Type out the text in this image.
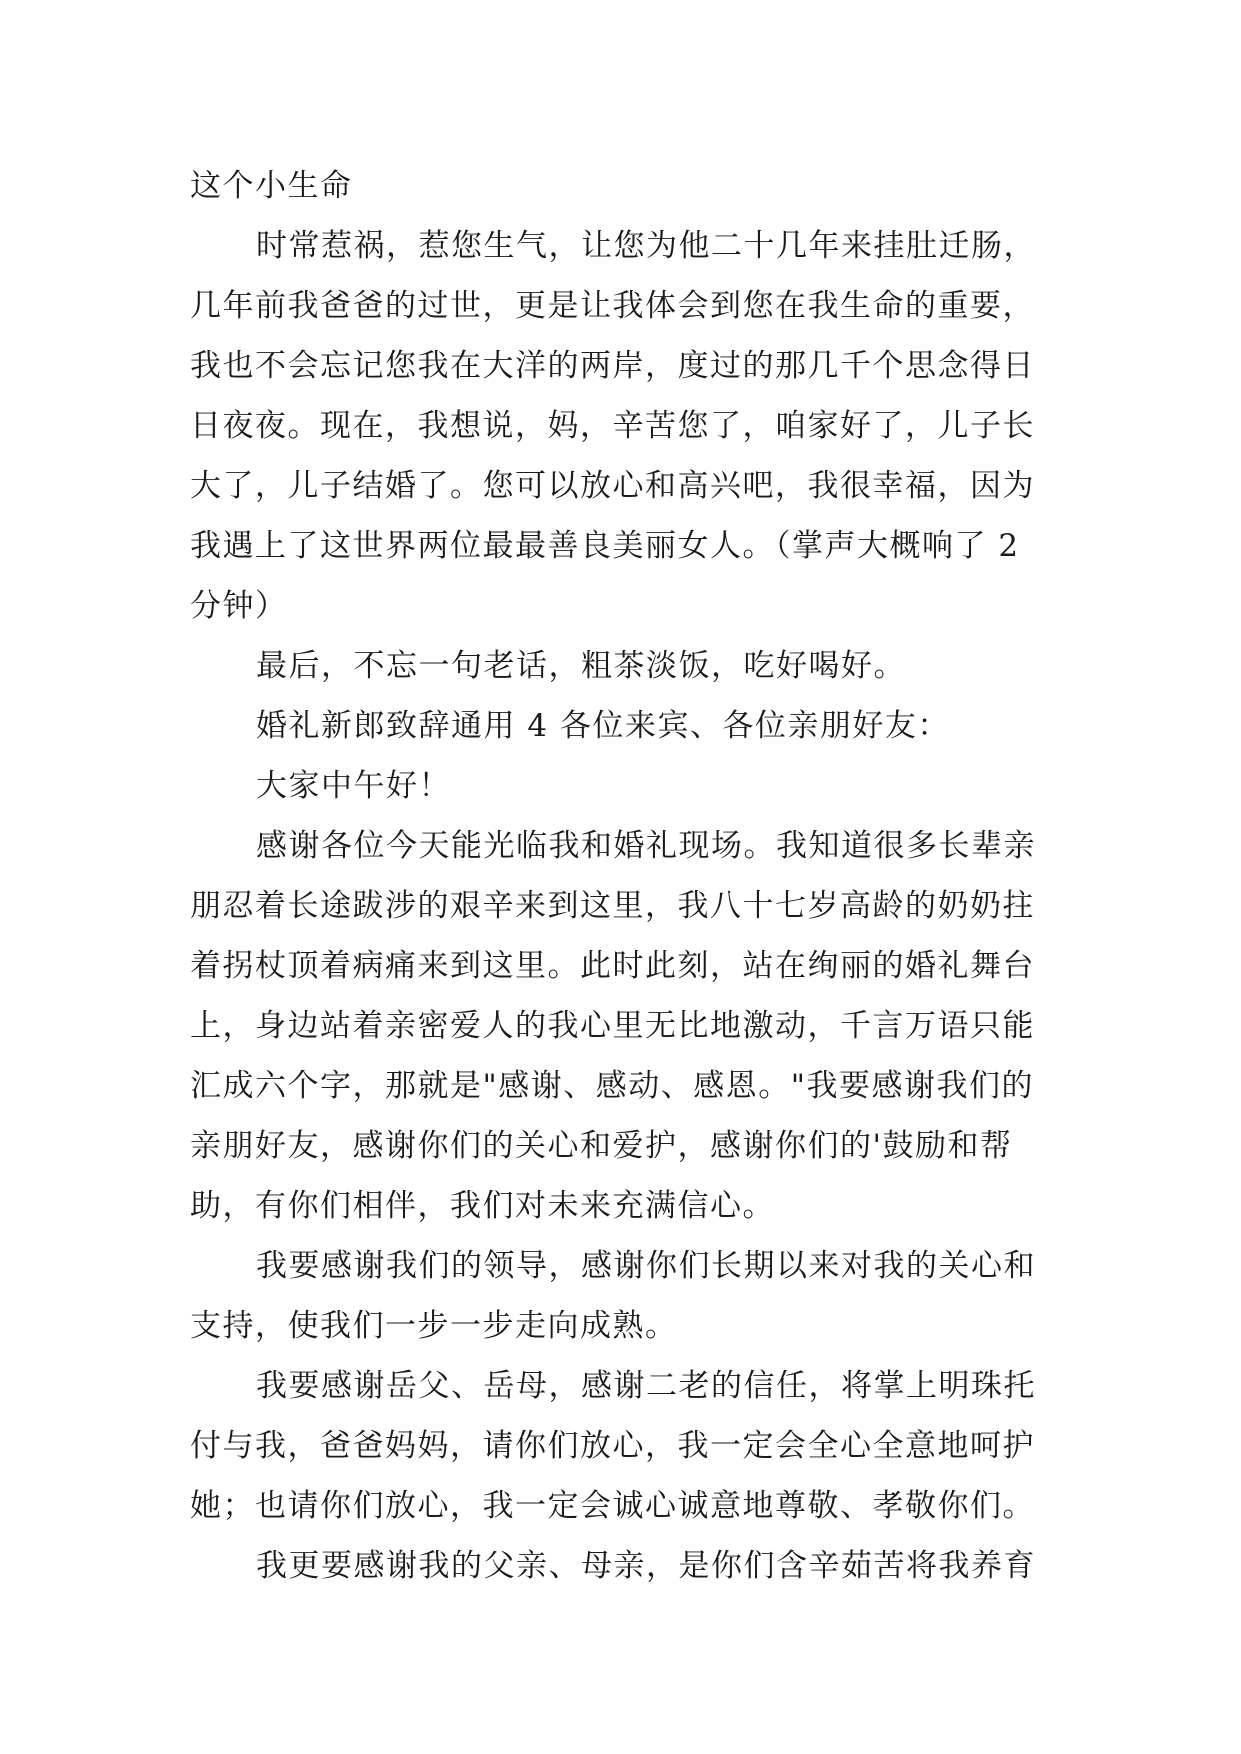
这个小生命
时常惹祸，惹您生气，让您为他二十几年来挂肚迁肠，
几年前我爸爸的过世，更是让我体会到您在我生命的重要，
我也不会忘记您我在大洋的两岸，度过的那几千个思念得日
日夜夜。现在，我想说，妈，辛苦您了，咱家好了，儿子长
大了，儿子结婚了。您可以放心和高兴吧，我很幸福，因为
我遇上了这世界两位最最善良美丽女人。（掌声大概响了 2
分钟）
最后，不忘一句老话，粗茶淡饭，吃好喝好。
婚礼新郎致辞通用 4 各位来宾、各位亲朋好友：
大家中午好！
感谢各位今天能光临我和婚礼现场。我知道很多长辈亲
朋忍着长途跋涉的艰辛来到这里，我八十七岁高龄的奶奶拄
着拐杖顶着病痛来到这里。此时此刻，站在绚丽的婚礼舞台
上，身边站着亲密爱人的我心里无比地激动，千言万语只能
汇成六个字，那就是"感谢、感动、感恩。"我要感谢我们的
亲朋好友，感谢你们的关心和爱护，感谢你们的'鼓励和帮
助，有你们相伴，我们对未来充满信心。
我要感谢我们的领导，感谢你们长期以来对我的关心和
支持，使我们一步一步走向成熟。
我要感谢岳父、岳母，感谢二老的信任，将掌上明珠托
付与我，爸爸妈妈，请你们放心，我一定会全心全意地呵护
她；也请你们放心，我一定会诚心诚意地尊敬、孝敬你们。
我更要感谢我的父亲、母亲，是你们含辛茹苦将我养育
